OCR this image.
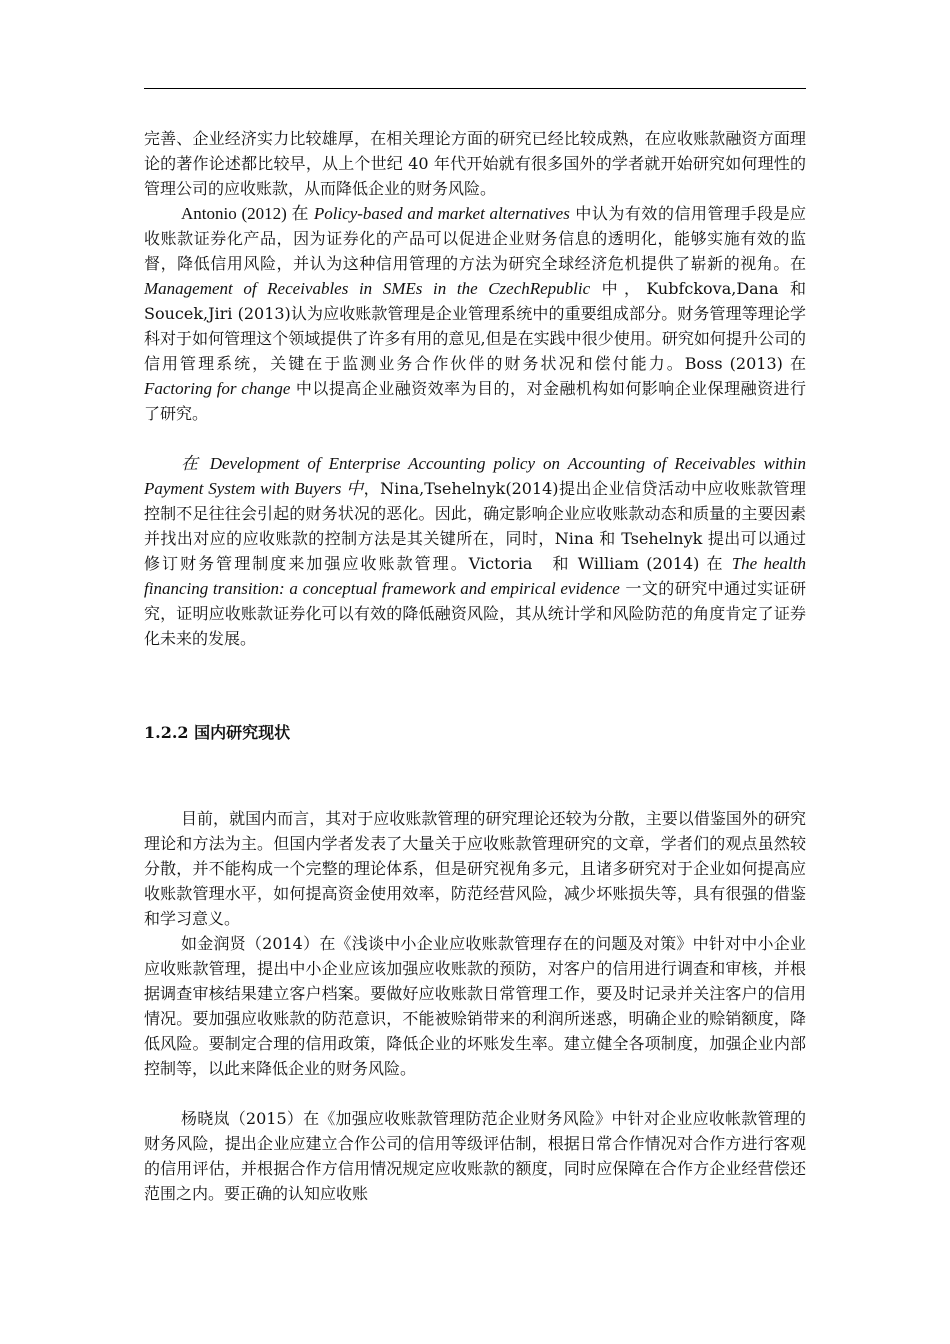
完善、企业经济实力比较雄厚，在相关理论方面的研究已经比较成熟，在应收账款融资方面理论的著作论述都比较早，从上个世纪 40 年代开始就有很多国外的学者就开始研究如何理性的管理公司的应收账款，从而降低企业的财务风险。

Antonio (2012) 在 Policy-based and market alternatives 中认为有效的信用管理手段是应收账款证券化产品，因为证券化的产品可以促进企业财务信息的透明化，能够实施有效的监督，降低信用风险，并认为这种信用管理的方法为研究全球经济危机提供了崭新的视角。在 Management of Receivables in SMEs in the CzechRepublic 中，Kubfckova,Dana 和 Soucek,Jiri (2013)认为应收账款管理是企业管理系统中的重要组成部分。财务管理等理论学科对于如何管理这个领域提供了许多有用的意见,但是在实践中很少使用。研究如何提升公司的信用管理系统，关键在于监测业务合作伙伴的财务状况和偿付能力。Boss (2013) 在 Factoring for change 中以提高企业融资效率为目的，对金融机构如何影响企业保理融资进行了研究。

在 Development of Enterprise Accounting policy on Accounting of Receivables within Payment System with Buyers 中，Nina,Tsehelnyk(2014)提出企业信贷活动中应收账款管理控制不足往往会引起的财务状况的恶化。因此，确定影响企业应收账款动态和质量的主要因素并找出对应的应收账款的控制方法是其关键所在，同时，Nina 和 Tsehelnyk 提出可以通过修订财务管理制度来加强应收账款管理。Victoria　和 William (2014) 在 The health financing transition: a conceptual framework and empirical evidence 一文的研究中通过实证研究，证明应收账款证券化可以有效的降低融资风险，其从统计学和风险防范的角度肯定了证券化未来的发展。

1.2.2 国内研究现状

目前，就国内而言，其对于应收账款管理的研究理论还较为分散，主要以借鉴国外的研究理论和方法为主。但国内学者发表了大量关于应收账款管理研究的文章，学者们的观点虽然较分散，并不能构成一个完整的理论体系，但是研究视角多元，且诸多研究对于企业如何提高应收账款管理水平，如何提高资金使用效率，防范经营风险，减少坏账损失等，具有很强的借鉴和学习意义。

如金润贤（2014）在《浅谈中小企业应收账款管理存在的问题及对策》中针对中小企业应收账款管理，提出中小企业应该加强应收账款的预防，对客户的信用进行调查和审核，并根据调查审核结果建立客户档案。要做好应收账款日常管理工作，要及时记录并关注客户的信用情况。要加强应收账款的防范意识，不能被赊销带来的利润所迷惑，明确企业的赊销额度，降低风险。要制定合理的信用政策，降低企业的坏账发生率。建立健全各项制度，加强企业内部控制等，以此来降低企业的财务风险。

杨晓岚（2015）在《加强应收账款管理防范企业财务风险》中针对企业应收帐款管理的财务风险，提出企业应建立合作公司的信用等级评估制，根据日常合作情况对合作方进行客观的信用评估，并根据合作方信用情况规定应收账款的额度，同时应保障在合作方企业经营偿还范围之内。要正确的认知应收账
